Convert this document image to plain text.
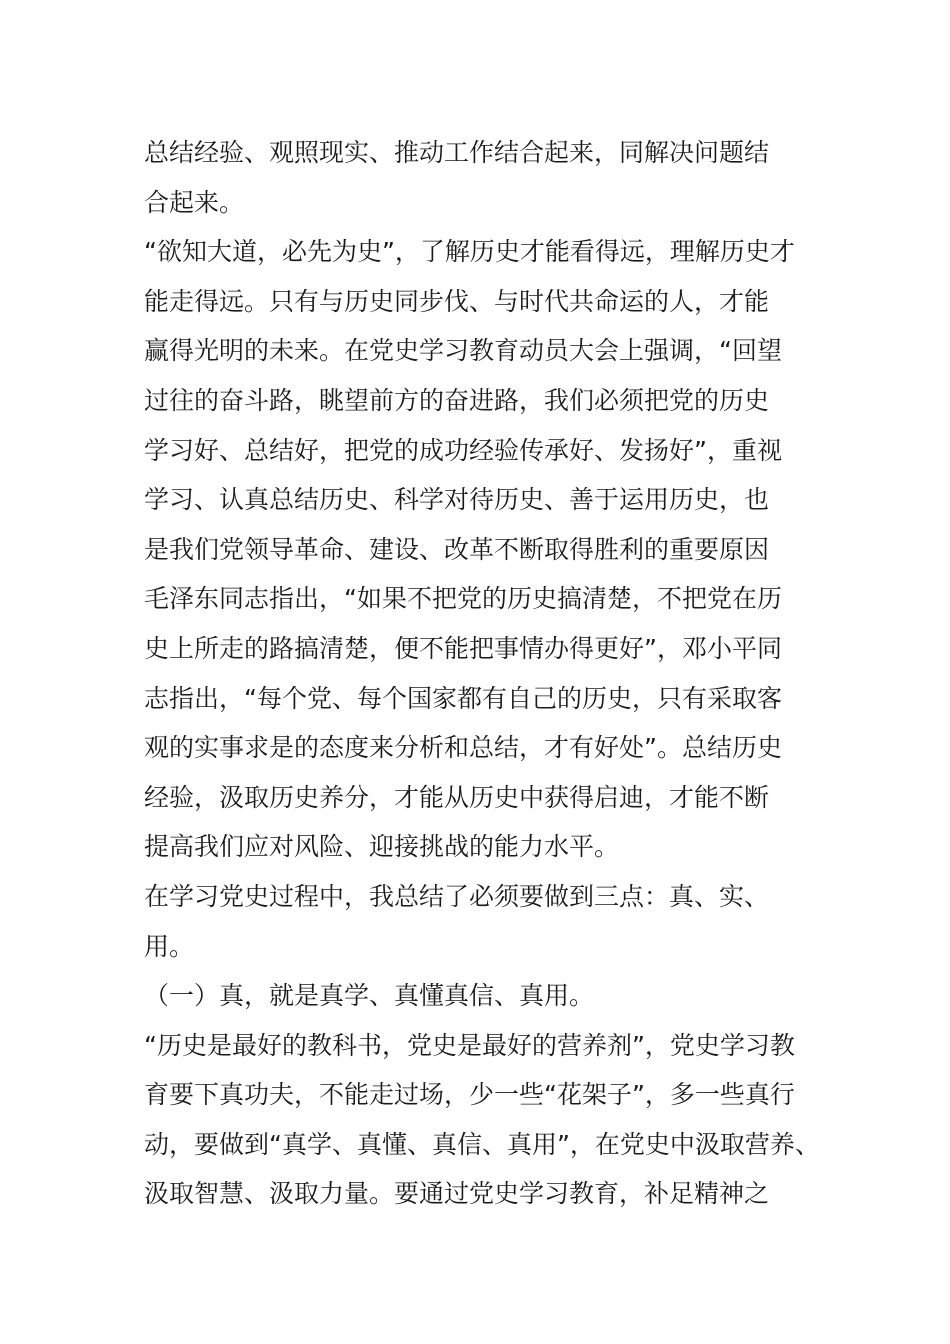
总结经验、观照现实、推动工作结合起来，同解决问题结
合起来。
“欲知大道，必先为史”，了解历史才能看得远，理解历史才
能走得远。只有与历史同步伐、与时代共命运的人，才能
赢得光明的未来。在党史学习教育动员大会上强调，“回望
过往的奋斗路，眺望前方的奋进路，我们必须把党的历史
学习好、总结好，把党的成功经验传承好、发扬好”，重视
学习、认真总结历史、科学对待历史、善于运用历史，也
是我们党领导革命、建设、改革不断取得胜利的重要原因
毛泽东同志指出，“如果不把党的历史搞清楚，不把党在历
史上所走的路搞清楚，便不能把事情办得更好”，邓小平同
志指出，“每个党、每个国家都有自己的历史，只有采取客
观的实事求是的态度来分析和总结，才有好处”。总结历史
经验，汲取历史养分，才能从历史中获得启迪，才能不断
提高我们应对风险、迎接挑战的能力水平。
在学习党史过程中，我总结了必须要做到三点：真、实、
用。
（一）真，就是真学、真懂真信、真用。
“历史是最好的教科书，党史是最好的营养剂”，党史学习教
育要下真功夫，不能走过场，少一些“花架子”，多一些真行
动，要做到“真学、真懂、真信、真用”，在党史中汲取营养、
汲取智慧、汲取力量。要通过党史学习教育，补足精神之
